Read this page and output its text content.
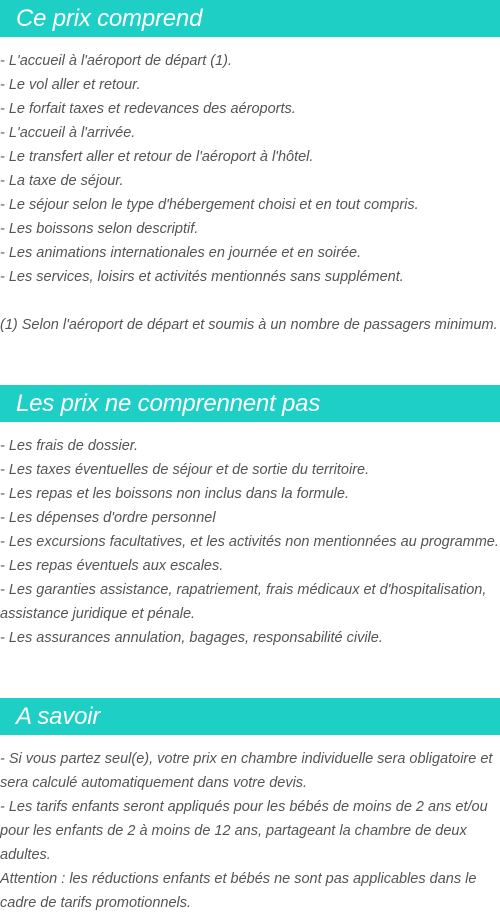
Ce prix comprend
- L'accueil à l'aéroport de départ (1).
- Le vol aller et retour.
- Le forfait taxes et redevances des aéroports.
- L'accueil à l'arrivée.
- Le transfert aller et retour de l'aéroport à l'hôtel.
- La taxe de séjour.
- Le séjour selon le type d'hébergement choisi et en tout compris.
- Les boissons selon descriptif.
- Les animations internationales en journée et en soirée.
- Les services, loisirs et activités mentionnés sans supplément.

(1) Selon l'aéroport de départ et soumis à un nombre de passagers minimum.

Les prix ne comprennent pas
- Les frais de dossier.
- Les taxes éventuelles de séjour et de sortie du territoire.
- Les repas et les boissons non inclus dans la formule.
- Les dépenses d'ordre personnel
- Les excursions facultatives, et les activités non mentionnées au programme.
- Les repas éventuels aux escales.
- Les garanties assistance, rapatriement, frais médicaux et d'hospitalisation, assistance juridique et pénale.
- Les assurances annulation, bagages, responsabilité civile.
A savoir
- Si vous partez seul(e), votre prix en chambre individuelle sera obligatoire et sera calculé automatiquement dans votre devis.
- Les tarifs enfants seront appliqués pour les bébés de moins de 2 ans et/ou pour les enfants de 2 à moins de 12 ans, partageant la chambre de deux adultes.
Attention : les réductions enfants et bébés ne sont pas applicables dans le cadre de tarifs promotionnels.
